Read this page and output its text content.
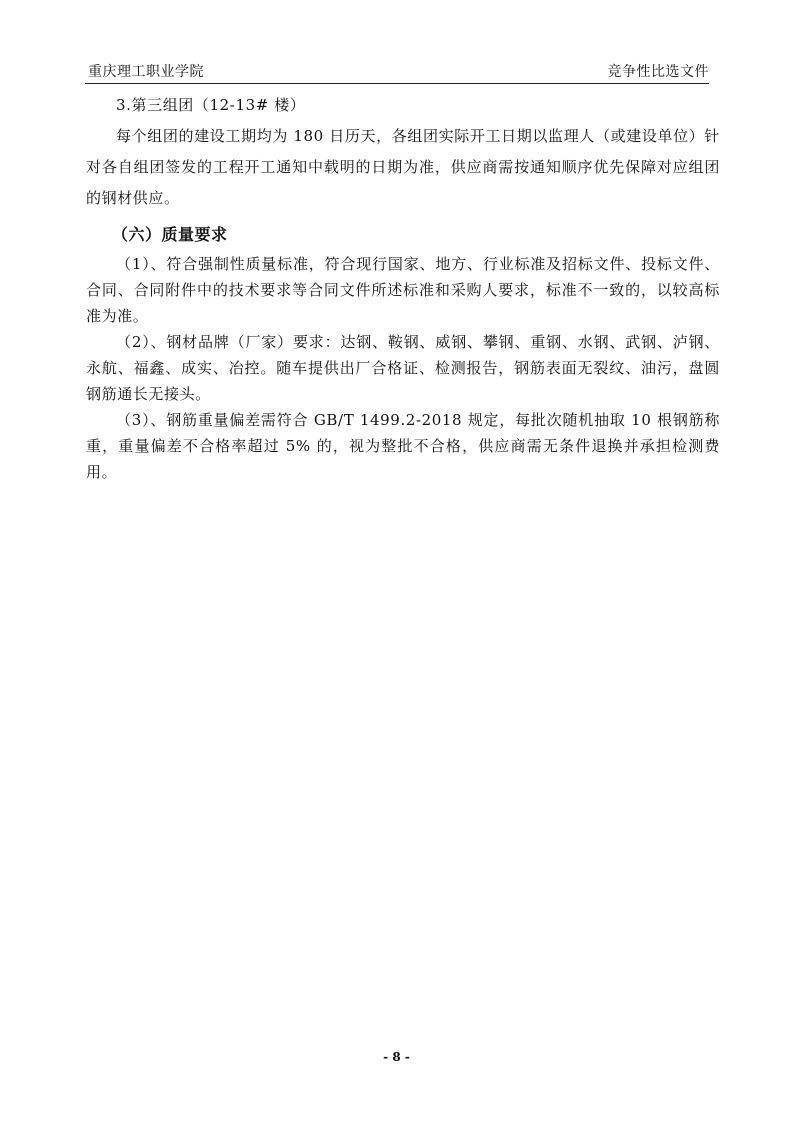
重庆理工职业学院	竞争性比选文件

3.第三组团（12-13# 楼）

每个组团的建设工期均为 180 日历天，各组团实际开工日期以监理人（或建设单位）针对各自组团签发的工程开工通知中载明的日期为准，供应商需按通知顺序优先保障对应组团的钢材供应。

（六）质量要求

（1）、符合强制性质量标准，符合现行国家、地方、行业标准及招标文件、投标文件、合同、合同附件中的技术要求等合同文件所述标准和采购人要求，标准不一致的，以较高标准为准。

（2）、钢材品牌（厂家）要求：达钢、鞍钢、威钢、攀钢、重钢、水钢、武钢、泸钢、永航、福鑫、成实、冶控。随车提供出厂合格证、检测报告，钢筋表面无裂纹、油污，盘圆钢筋通长无接头。

（3）、钢筋重量偏差需符合 GB/T 1499.2-2018 规定，每批次随机抽取 10 根钢筋称重，重量偏差不合格率超过 5% 的，视为整批不合格，供应商需无条件退换并承担检测费用。

- 8 -
